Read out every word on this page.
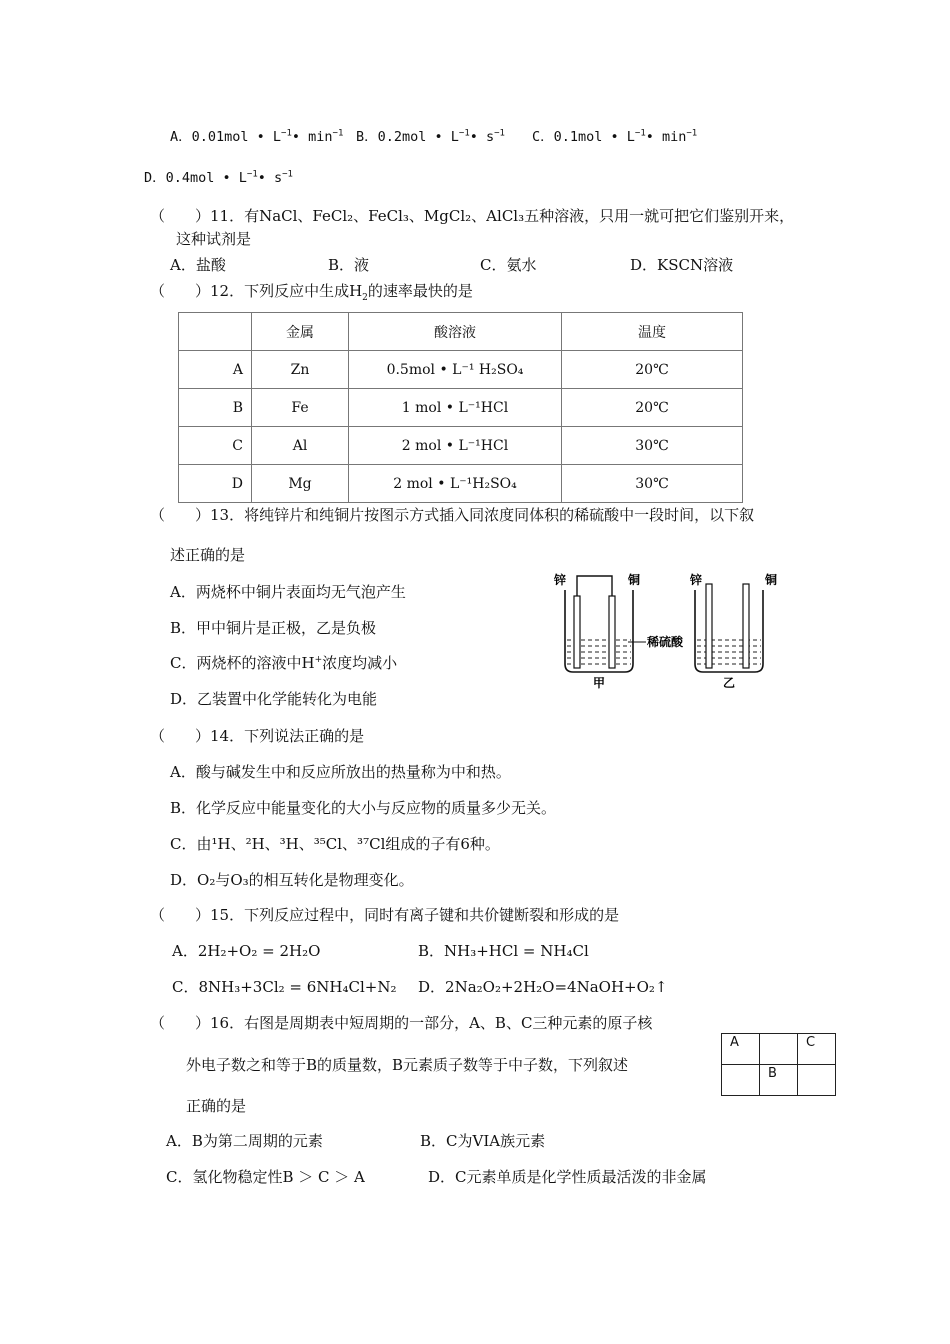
A．0.01mol • $L^{-1}•$ $\min^{-1} B$．0.2mol • $L^{-1}•$ $s^{-1}$ C．0.1mol • $L^{-1}•$ $\min^{-1}$
D．0.4mol • $L^{-1}•$ $s^{-1}$
（　　）11．有NaCl、FeCl₂、FeCl₃、MgCl₂、AlCl₃五种溶液，只用一就可把它们鉴别开来，
这种试剂是
A．盐酸	B．液	C．氨水	D．KSCN溶液
（　　）12．下列反应中生成$H_2$的速率最快的是
	金属	酸溶液	温度
A	Zn	0.5mol • L⁻¹ H₂SO₄	20℃
B	Fe	1 mol • L⁻¹HCl	20℃
C	Al	2 mol • L⁻¹HCl	30℃
D	Mg	2 mol • L⁻¹H₂SO₄	30℃
（　　）13．将纯锌片和纯铜片按图示方式插入同浓度同体积的稀硫酸中一段时间，以下叙
述正确的是
A．两烧杯中铜片表面均无气泡产生
B．甲中铜片是正极，乙是负极
C．两烧杯的溶液中H+浓度均减小
D．乙装置中化学能转化为电能
锌	铜	锌	铜
稀硫酸
甲	乙
（　　）14．下列说法正确的是
A．酸与碱发生中和反应所放出的热量称为中和热。
B．化学反应中能量变化的大小与反应物的质量多少无关。
C．由¹H、²H、³H、³⁵Cl、³⁷Cl组成的子有6种。
D．O₂与O₃的相互转化是物理变化。
（　　）15．下列反应过程中，同时有离子键和共价键断裂和形成的是
A．2H₂+O₂ = 2H₂O	B．NH₃+HCl = NH₄Cl
C．8NH₃+3Cl₂ = 6NH₄Cl+N₂ D．2Na₂O₂+2H₂O=4NaOH+O₂↑
（　　）16．右图是周期表中短周期的一部分，A、B、C三种元素的原子核
外电子数之和等于B的质量数，B元素质子数等于中子数，下列叙述
正确的是
A．B为第二周期的元素	B．C为VIA族元素
C．氢化物稳定性B ＞ C ＞ A	D．C元素单质是化学性质最活泼的非金属
A		C
	B	
